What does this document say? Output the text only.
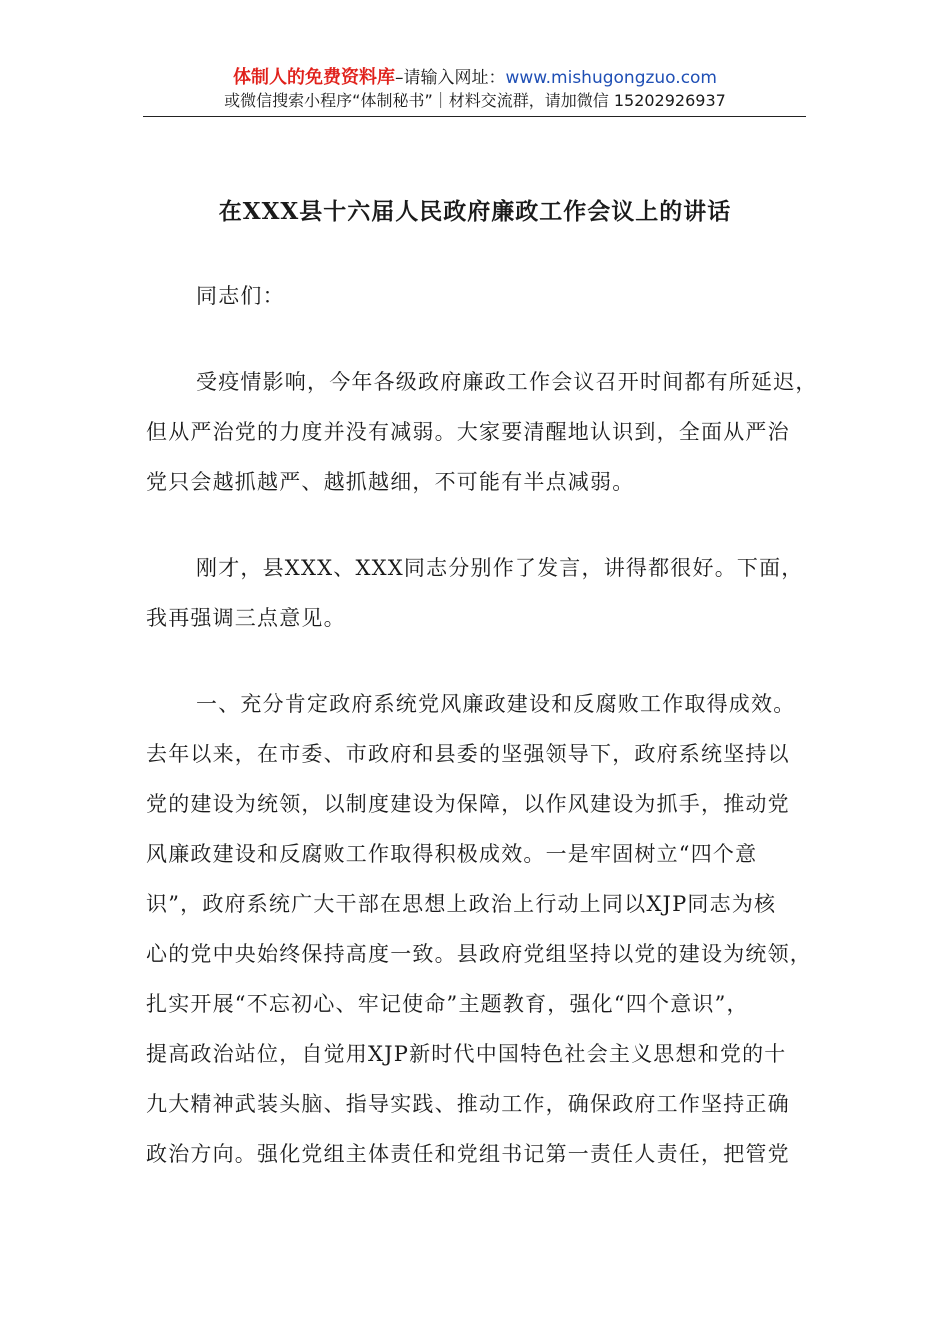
体制人的免费资料库–请输入网址：www.mishugongzuo.com
或微信搜索小程序“体制秘书”｜材料交流群，请加微信 15202926937
在XXX县十六届人民政府廉政工作会议上的讲话
同志们：
受疫情影响，今年各级政府廉政工作会议召开时间都有所延迟，
但从严治党的力度并没有减弱。大家要清醒地认识到，全面从严治
党只会越抓越严、越抓越细，不可能有半点减弱。
刚才，县XXX、XXX同志分别作了发言，讲得都很好。下面，
我再强调三点意见。
一、充分肯定政府系统党风廉政建设和反腐败工作取得成效。
去年以来，在市委、市政府和县委的坚强领导下，政府系统坚持以
党的建设为统领，以制度建设为保障，以作风建设为抓手，推动党
风廉政建设和反腐败工作取得积极成效。一是牢固树立“四个意
识”，政府系统广大干部在思想上政治上行动上同以XJP同志为核
心的党中央始终保持高度一致。县政府党组坚持以党的建设为统领，
扎实开展“不忘初心、牢记使命”主题教育，强化“四个意识”，
提高政治站位，自觉用XJP新时代中国特色社会主义思想和党的十
九大精神武装头脑、指导实践、推动工作，确保政府工作坚持正确
政治方向。强化党组主体责任和党组书记第一责任人责任，把管党
